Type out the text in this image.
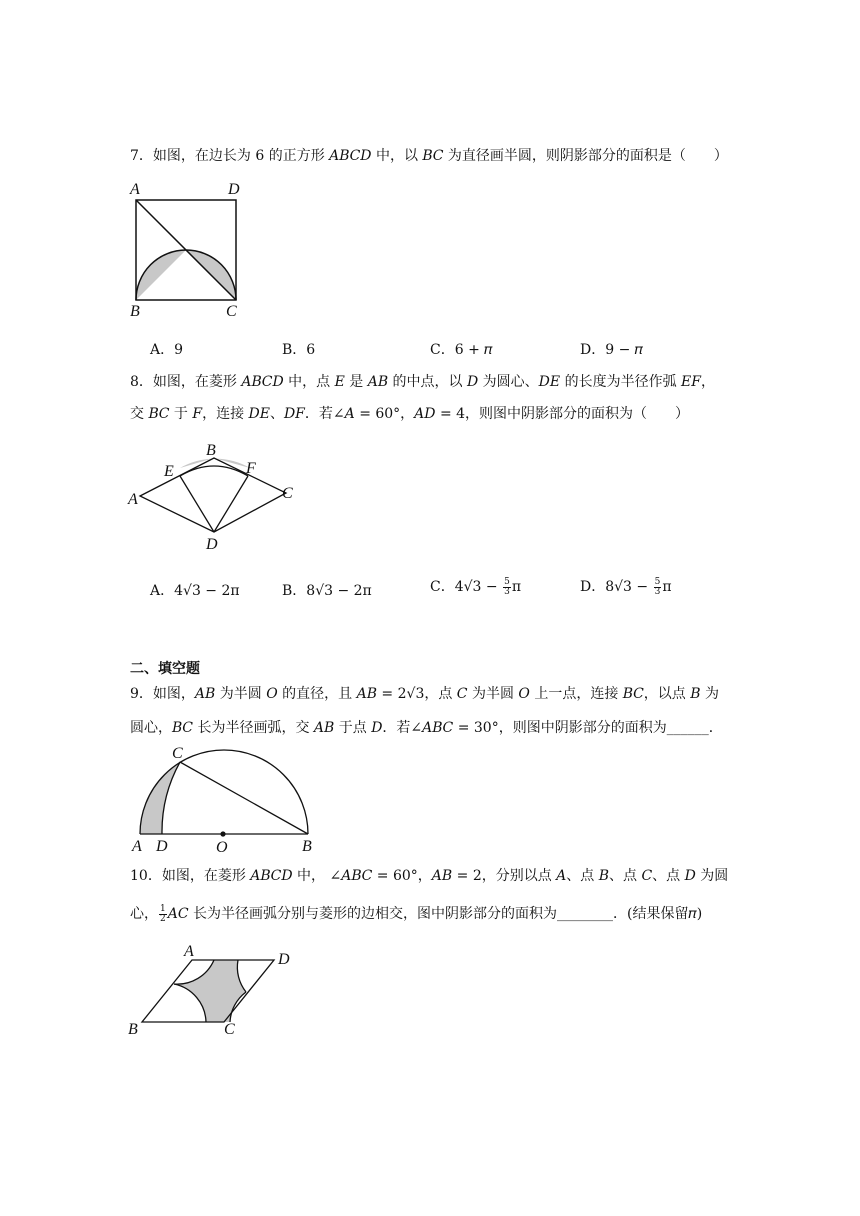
7．如图，在边长为 6 的正方形 𝐴𝐵𝐶𝐷 中，以 𝐵𝐶 为直径画半圆，则阴影部分的面积是（　　）
A	D
B	C
A．9	B．6	C．6 + 𝜋	D．9 − 𝜋
8．如图，在菱形 𝐴𝐵𝐶𝐷 中，点 𝐸 是 𝐴𝐵 的中点，以 𝐷 为圆心、𝐷𝐸 的长度为半径作弧 𝐸𝐹，
交 𝐵𝐶 于 𝐹，连接 𝐷𝐸、𝐷𝐹．若∠𝐴 = 60°，𝐴𝐷 = 4，则图中阴影部分的面积为（　　）
B
E	F
A	C
D
A．4√3 − 2π	B．8√3 − 2π	C．$4√3 - \frac{5}{3}$ π	D．$8√3 - \frac{5}{3}$ π
二、填空题
9．如图，𝐴𝐵 为半圆 𝑂 的直径，且 𝐴𝐵 = 2√3，点 𝐶 为半圆 𝑂 上一点，连接 𝐵𝐶，以点 𝐵 为
圆心，𝐵𝐶 长为半径画弧，交 𝐴𝐵 于点 𝐷．若∠𝐴𝐵𝐶 = 30°，则图中阴影部分的面积为______．
C
A D	O	B
10．如图，在菱形 𝐴𝐵𝐶𝐷 中， ∠𝐴𝐵𝐶 = 60°，𝐴𝐵 = 2，分别以点 𝐴、点 𝐵、点 𝐶、点 𝐷 为圆
心， $\frac{1}{2}$ 𝐴𝐶 长为半径画弧分别与菱形的边相交，图中阴影部分的面积为________．(结果保留𝜋)
A	D
B	C
